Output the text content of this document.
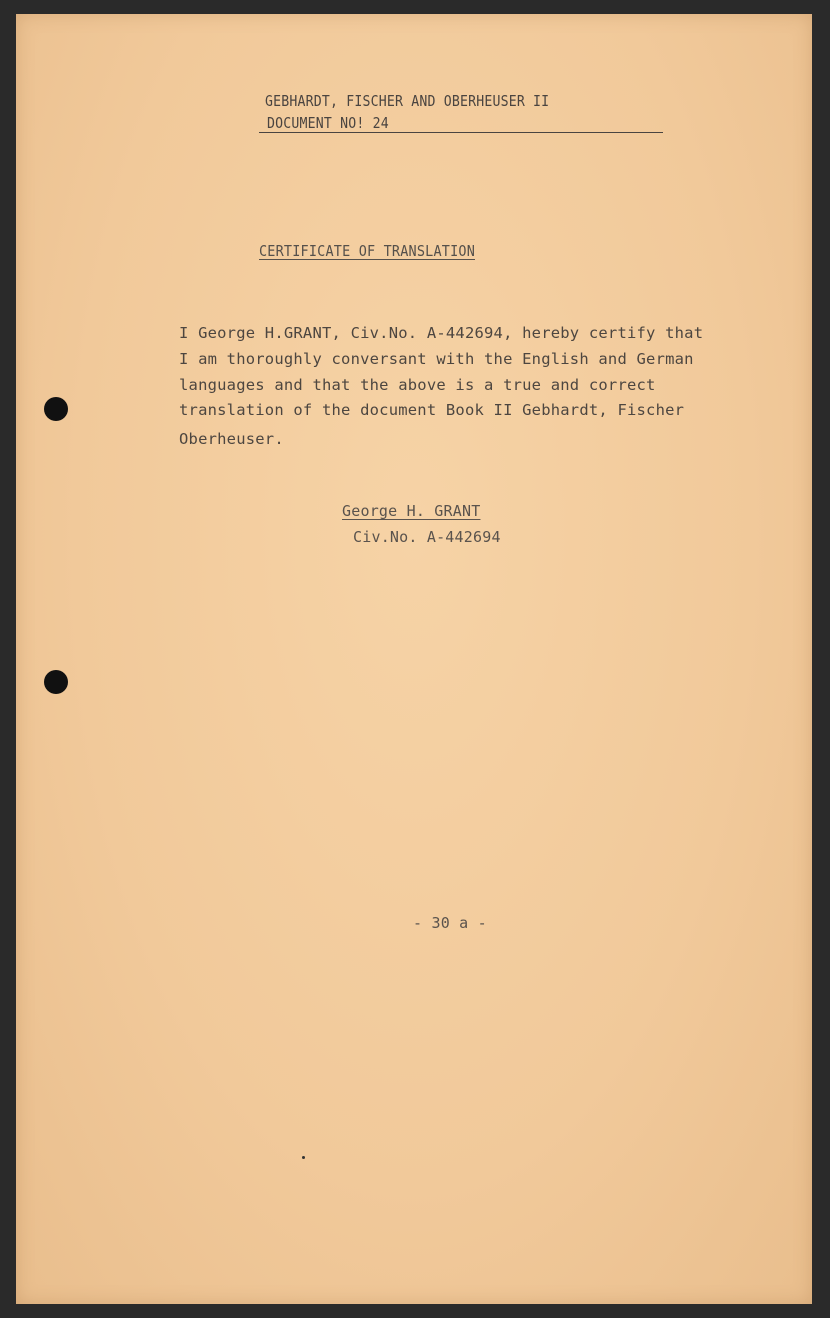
GEBHARDT, FISCHER AND OBERHEUSER II
DOCUMENT NO! 24
CERTIFICATE OF TRANSLATION
I George H.GRANT, Civ.No. A-442694, hereby certify that
I am thoroughly conversant with the English and German
languages and that the above is a true and correct
translation of the document Book II Gebhardt, Fischer
Oberheuser.
George H. GRANT
Civ.No. A-442694
- 30 a -
